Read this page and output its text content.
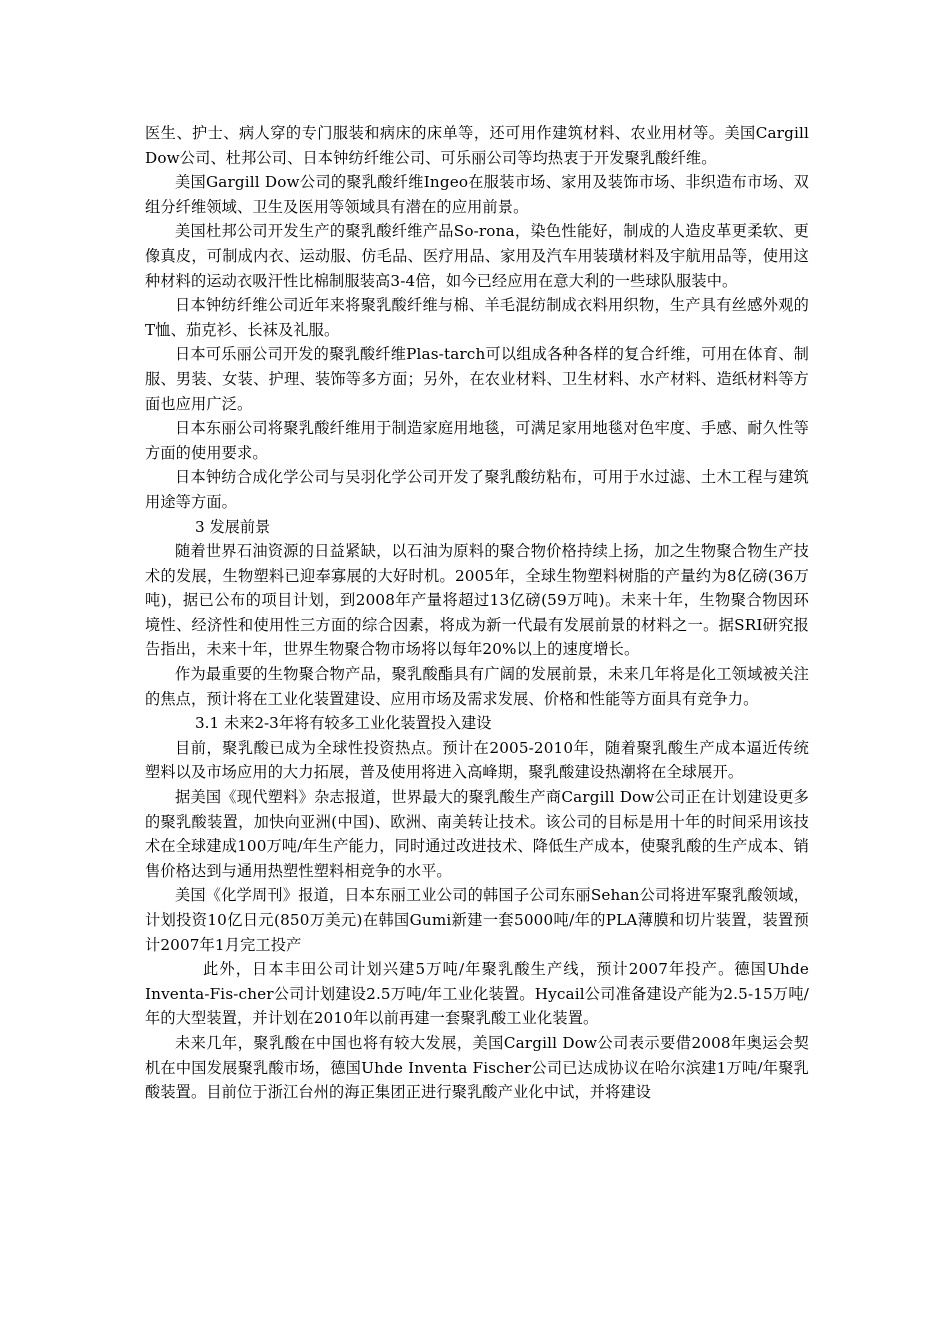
医生、护士、病人穿的专门服装和病床的床单等，还可用作建筑材料、农业用材等。美国Cargill Dow公司、杜邦公司、日本钟纺纤维公司、可乐丽公司等均热衷于开发聚乳酸纤维。

美国Gargill Dow公司的聚乳酸纤维Ingeo在服装市场、家用及装饰市场、非织造布市场、双组分纤维领域、卫生及医用等领域具有潜在的应用前景。

美国杜邦公司开发生产的聚乳酸纤维产品So-rona，染色性能好，制成的人造皮革更柔软、更像真皮，可制成内衣、运动服、仿毛品、医疗用品、家用及汽车用装璜材料及宇航用品等，使用这种材料的运动衣吸汗性比棉制服装高3-4倍，如今已经应用在意大利的一些球队服装中。

日本钟纺纤维公司近年来将聚乳酸纤维与棉、羊毛混纺制成衣料用织物，生产具有丝感外观的T恤、茄克衫、长袜及礼服。

日本可乐丽公司开发的聚乳酸纤维Plas-tarch可以组成各种各样的复合纤维，可用在体育、制服、男装、女装、护理、装饰等多方面；另外，在农业材料、卫生材料、水产材料、造纸材料等方面也应用广泛。

日本东丽公司将聚乳酸纤维用于制造家庭用地毯，可满足家用地毯对色牢度、手感、耐久性等方面的使用要求。

日本钟纺合成化学公司与吴羽化学公司开发了聚乳酸纺粘布，可用于水过滤、土木工程与建筑用途等方面。

3 发展前景

随着世界石油资源的日益紧缺，以石油为原料的聚合物价格持续上扬，加之生物聚合物生产技术的发展，生物塑料已迎奉寡展的大好时机。2005年，全球生物塑料树脂的产量约为8亿磅(36万吨)，据已公布的项目计划，到2008年产量将超过13亿磅(59万吨)。未来十年，生物聚合物因环境性、经济性和使用性三方面的综合因素，将成为新一代最有发展前景的材料之一。据SRI研究报告指出，未来十年，世界生物聚合物市场将以每年20%以上的速度增长。

作为最重要的生物聚合物产品，聚乳酸酯具有广阔的发展前景，未来几年将是化工领域被关注的焦点，预计将在工业化装置建设、应用市场及需求发展、价格和性能等方面具有竞争力。

3.1 未来2-3年将有较多工业化装置投入建设

目前，聚乳酸已成为全球性投资热点。预计在2005-2010年，随着聚乳酸生产成本逼近传统塑料以及市场应用的大力拓展，普及使用将进入高峰期，聚乳酸建设热潮将在全球展开。

据美国《现代塑料》杂志报道，世界最大的聚乳酸生产商Cargill Dow公司正在计划建设更多的聚乳酸装置，加快向亚洲(中国)、欧洲、南美转让技术。该公司的目标是用十年的时间采用该技术在全球建成100万吨/年生产能力，同时通过改进技术、降低生产成本，使聚乳酸的生产成本、销售价格达到与通用热塑性塑料相竞争的水平。

美国《化学周刊》报道，日本东丽工业公司的韩国子公司东丽Sehan公司将进军聚乳酸领域，计划投资10亿日元(850万美元)在韩国Gumi新建一套5000吨/年的PLA薄膜和切片装置，装置预计2007年1月完工投产

此外，日本丰田公司计划兴建5万吨/年聚乳酸生产线，预计2007年投产。德国Uhde Inventa-Fis-cher公司计划建设2.5万吨/年工业化装置。Hycail公司准备建设产能为2.5-15万吨/年的大型装置，并计划在2010年以前再建一套聚乳酸工业化装置。

未来几年，聚乳酸在中国也将有较大发展，美国Cargill Dow公司表示要借2008年奥运会契机在中国发展聚乳酸市场，德国Uhde Inventa Fischer公司已达成协议在哈尔滨建1万吨/年聚乳酸装置。目前位于浙江台州的海正集团正进行聚乳酸产业化中试，并将建设
